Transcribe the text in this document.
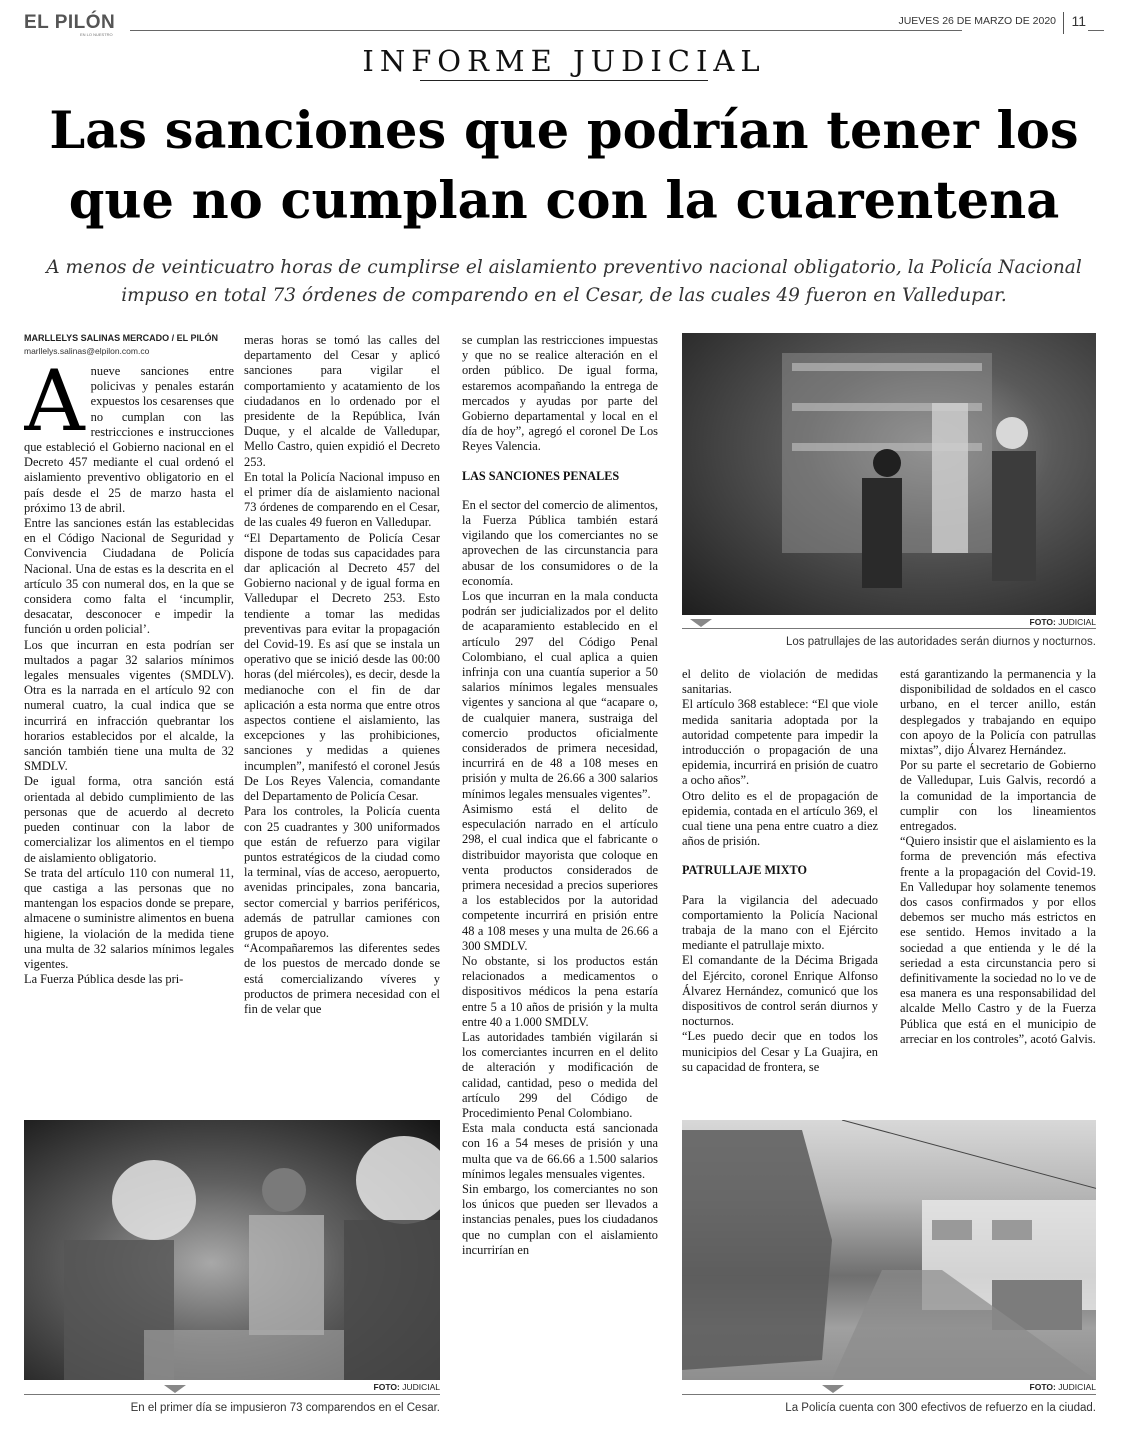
EL PILÓN
EN LO NUESTRO
JUEVES 26 DE MARZO DE 2020 11
INFORME JUDICIAL
Las sanciones que podrían tener los que no cumplan con la cuarentena

A menos de veinticuatro horas de cumplirse el aislamiento preventivo nacional obligatorio, la Policía Nacional impuso en total 73 órdenes de comparendo en el Cesar, de las cuales 49 fueron en Valledupar.

MARLLELYS SALINAS MERCADO / EL PILÓN
marllelys.salinas@elpilon.com.co
A nueve sanciones entre policivas y penales estarán expuestos los cesarenses que no cumplan con las restricciones e instrucciones que estableció el Gobierno nacional en el Decreto 457 mediante el cual ordenó el aislamiento preventivo obligatorio en el país desde el 25 de marzo hasta el próximo 13 de abril.

Entre las sanciones están las establecidas en el Código Nacional de Seguridad y Convivencia Ciudadana de Policía Nacional. Una de estas es la descrita en el artículo 35 con numeral dos, en la que se considera como falta el ‘incumplir, desacatar, desconocer e impedir la función u orden policial’.

Los que incurran en esta podrían ser multados a pagar 32 salarios mínimos legales mensuales vigentes (SMDLV). Otra es la narrada en el artículo 92 con numeral cuatro, la cual indica que se incurrirá en infracción quebrantar los horarios establecidos por el alcalde, la sanción también tiene una multa de 32 SMDLV.

De igual forma, otra sanción está orientada al debido cumplimiento de las personas que de acuerdo al decreto pueden continuar con la labor de comercializar los alimentos en el tiempo de aislamiento obligatorio.

Se trata del artículo 110 con numeral 11, que castiga a las personas que no mantengan los espacios donde se prepare, almacene o suministre alimentos en buena higiene, la violación de la medida tiene una multa de 32 salarios mínimos legales vigentes.

La Fuerza Pública desde las pri-

meras horas se tomó las calles del departamento del Cesar y aplicó sanciones para vigilar el comportamiento y acatamiento de los ciudadanos en lo ordenado por el presidente de la República, Iván Duque, y el alcalde de Valledupar, Mello Castro, quien expidió el Decreto 253.

En total la Policía Nacional impuso en el primer día de aislamiento nacional 73 órdenes de comparendo en el Cesar, de las cuales 49 fueron en Valledupar.

“El Departamento de Policía Cesar dispone de todas sus capacidades para dar aplicación al Decreto 457 del Gobierno nacional y de igual forma en Valledupar el Decreto 253. Esto tendiente a tomar las medidas preventivas para evitar la propagación del Covid-19. Es así que se instala un operativo que se inició desde las 00:00 horas (del miércoles), es decir, desde la medianoche con el fin de dar aplicación a esta norma que entre otros aspectos contiene el aislamiento, las excepciones y las prohibiciones, sanciones y medidas a quienes incumplen”, manifestó el coronel Jesús De Los Reyes Valencia, comandante del Departamento de Policía Cesar.

Para los controles, la Policía cuenta con 25 cuadrantes y 300 uniformados que están de refuerzo para vigilar puntos estratégicos de la ciudad como la terminal, vías de acceso, aeropuerto, avenidas principales, zona bancaria, sector comercial y barrios periféricos, además de patrullar camiones con grupos de apoyo.

“Acompañaremos las diferentes sedes de los puestos de mercado donde se está comercializando víveres y productos de primera necesidad con el fin de velar que

se cumplan las restricciones impuestas y que no se realice alteración en el orden público. De igual forma, estaremos acompañando la entrega de mercados y ayudas por parte del Gobierno departamental y local en el día de hoy”, agregó el coronel De Los Reyes Valencia.

LAS SANCIONES PENALES

En el sector del comercio de alimentos, la Fuerza Pública también estará vigilando que los comerciantes no se aprovechen de las circunstancia para abusar de los consumidores o de la economía.

Los que incurran en la mala conducta podrán ser judicializados por el delito de acaparamiento establecido en el artículo 297 del Código Penal Colombiano, el cual aplica a quien infrinja con una cuantía superior a 50 salarios mínimos legales mensuales vigentes y sanciona al que “acapare o, de cualquier manera, sustraiga del comercio productos oficialmente considerados de primera necesidad, incurrirá en de 48 a 108 meses en prisión y multa de 26.66 a 300 salarios mínimos legales mensuales vigentes”.

Asimismo está el delito de especulación narrado en el artículo 298, el cual indica que el fabricante o distribuidor mayorista que coloque en venta productos considerados de primera necesidad a precios superiores a los establecidos por la autoridad competente incurrirá en prisión entre 48 a 108 meses y una multa de 26.66 a 300 SMDLV.

No obstante, si los productos están relacionados a medicamentos o dispositivos médicos la pena estaría entre 5 a 10 años de prisión y la multa entre 40 a 1.000 SMDLV.

Las autoridades también vigilarán si los comerciantes incurren en el delito de alteración y modificación de calidad, cantidad, peso o medida del artículo 299 del Código de Procedimiento Penal Colombiano.

Esta mala conducta está sancionada con 16 a 54 meses de prisión y una multa que va de 66.66 a 1.500 salarios mínimos legales mensuales vigentes.

Sin embargo, los comerciantes no son los únicos que pueden ser llevados a instancias penales, pues los ciudadanos que no cumplan con el aislamiento incurrirían en

FOTO: JUDICIAL
Los patrullajes de las autoridades serán diurnos y nocturnos.

el delito de violación de medidas sanitarias.

El artículo 368 establece: “El que viole medida sanitaria adoptada por la autoridad competente para impedir la introducción o propagación de una epidemia, incurrirá en prisión de cuatro a ocho años”.

Otro delito es el de propagación de epidemia, contada en el artículo 369, el cual tiene una pena entre cuatro a diez años de prisión.

PATRULLAJE MIXTO

Para la vigilancia del adecuado comportamiento la Policía Nacional trabaja de la mano con el Ejército mediante el patrullaje mixto.

El comandante de la Décima Brigada del Ejército, coronel Enrique Alfonso Álvarez Hernández, comunicó que los dispositivos de control serán diurnos y nocturnos.

“Les puedo decir que en todos los municipios del Cesar y La Guajira, en su capacidad de frontera, se

está garantizando la permanencia y la disponibilidad de soldados en el casco urbano, en el tercer anillo, están desplegados y trabajando en equipo con apoyo de la Policía con patrullas mixtas”, dijo Álvarez Hernández.

Por su parte el secretario de Gobierno de Valledupar, Luis Galvis, recordó a la comunidad de la importancia de cumplir con los lineamientos entregados.

“Quiero insistir que el aislamiento es la forma de prevención más efectiva frente a la propagación del Covid-19. En Valledupar hoy solamente tenemos dos casos confirmados y por ellos debemos ser mucho más estrictos en ese sentido. Hemos invitado a la sociedad a que entienda y le dé la seriedad a esta circunstancia pero si definitivamente la sociedad no lo ve de esa manera es una responsabilidad del alcalde Mello Castro y de la Fuerza Pública que está en el municipio de arreciar en los controles”, acotó Galvis.

FOTO: JUDICIAL
En el primer día se impusieron 73 comparendos en el Cesar.
FOTO: JUDICIAL
La Policía cuenta con 300 efectivos de refuerzo en la ciudad.
